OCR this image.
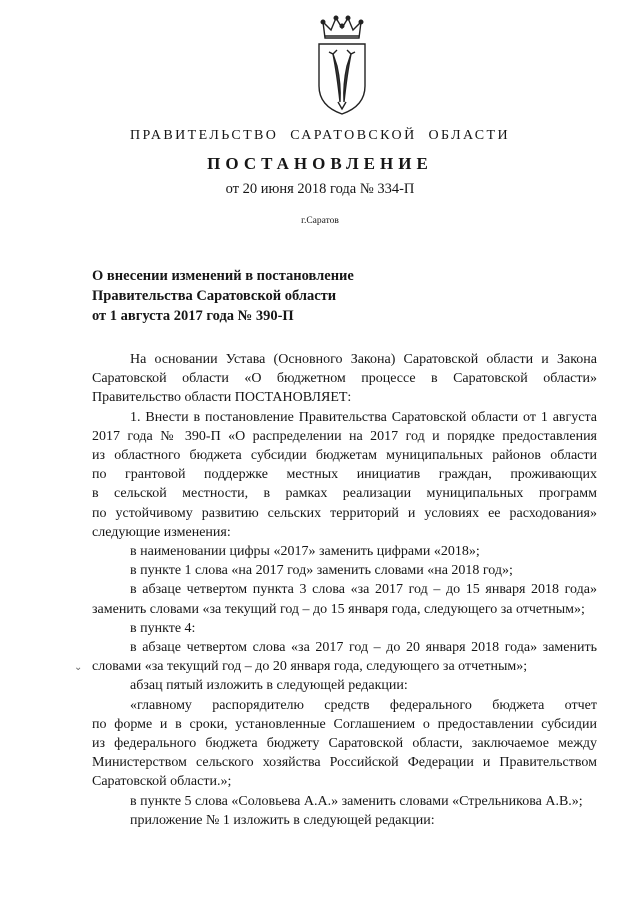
ПРАВИТЕЛЬСТВО САРАТОВСКОЙ ОБЛАСТИ
ПОСТАНОВЛЕНИЕ
от 20 июня 2018 года № 334-П
г.Саратов
О внесении изменений в постановление
Правительства Саратовской области
от 1 августа 2017 года № 390-П
На основании Устава (Основного Закона) Саратовской области и Закона
Саратовской области «О бюджетном процессе в Саратовской области»
Правительство области ПОСТАНОВЛЯЕТ:
1. Внести в постановление Правительства Саратовской области от 1 августа
2017 года № 390-П «О распределении на 2017 год и порядке предоставления
из областного бюджета субсидии бюджетам муниципальных районов области
по грантовой поддержке местных инициатив граждан, проживающих
в сельской местности, в рамках реализации муниципальных программ
по устойчивому развитию сельских территорий и условиях ее расходования»
следующие изменения:
в наименовании цифры «2017» заменить цифрами «2018»;
в пункте 1 слова «на 2017 год» заменить словами «на 2018 год»;
в абзаце четвертом пункта 3 слова «за 2017 год – до 15 января 2018 года»
заменить словами «за текущий год – до 15 января года, следующего за отчетным»;
в пункте 4:
в абзаце четвертом слова «за 2017 год – до 20 января 2018 года» заменить
словами «за текущий год – до 20 января года, следующего за отчетным»;
абзац пятый изложить в следующей редакции:
«главному распорядителю средств федерального бюджета отчет
по форме и в сроки, установленные Соглашением о предоставлении субсидии
из федерального бюджета бюджету Саратовской области, заключаемое между
Министерством сельского хозяйства Российской Федерации и Правительством
Саратовской области.»;
в пункте 5 слова «Соловьева А.А.» заменить словами «Стрельникова А.В.»;
приложение № 1 изложить в следующей редакции:
⌄
